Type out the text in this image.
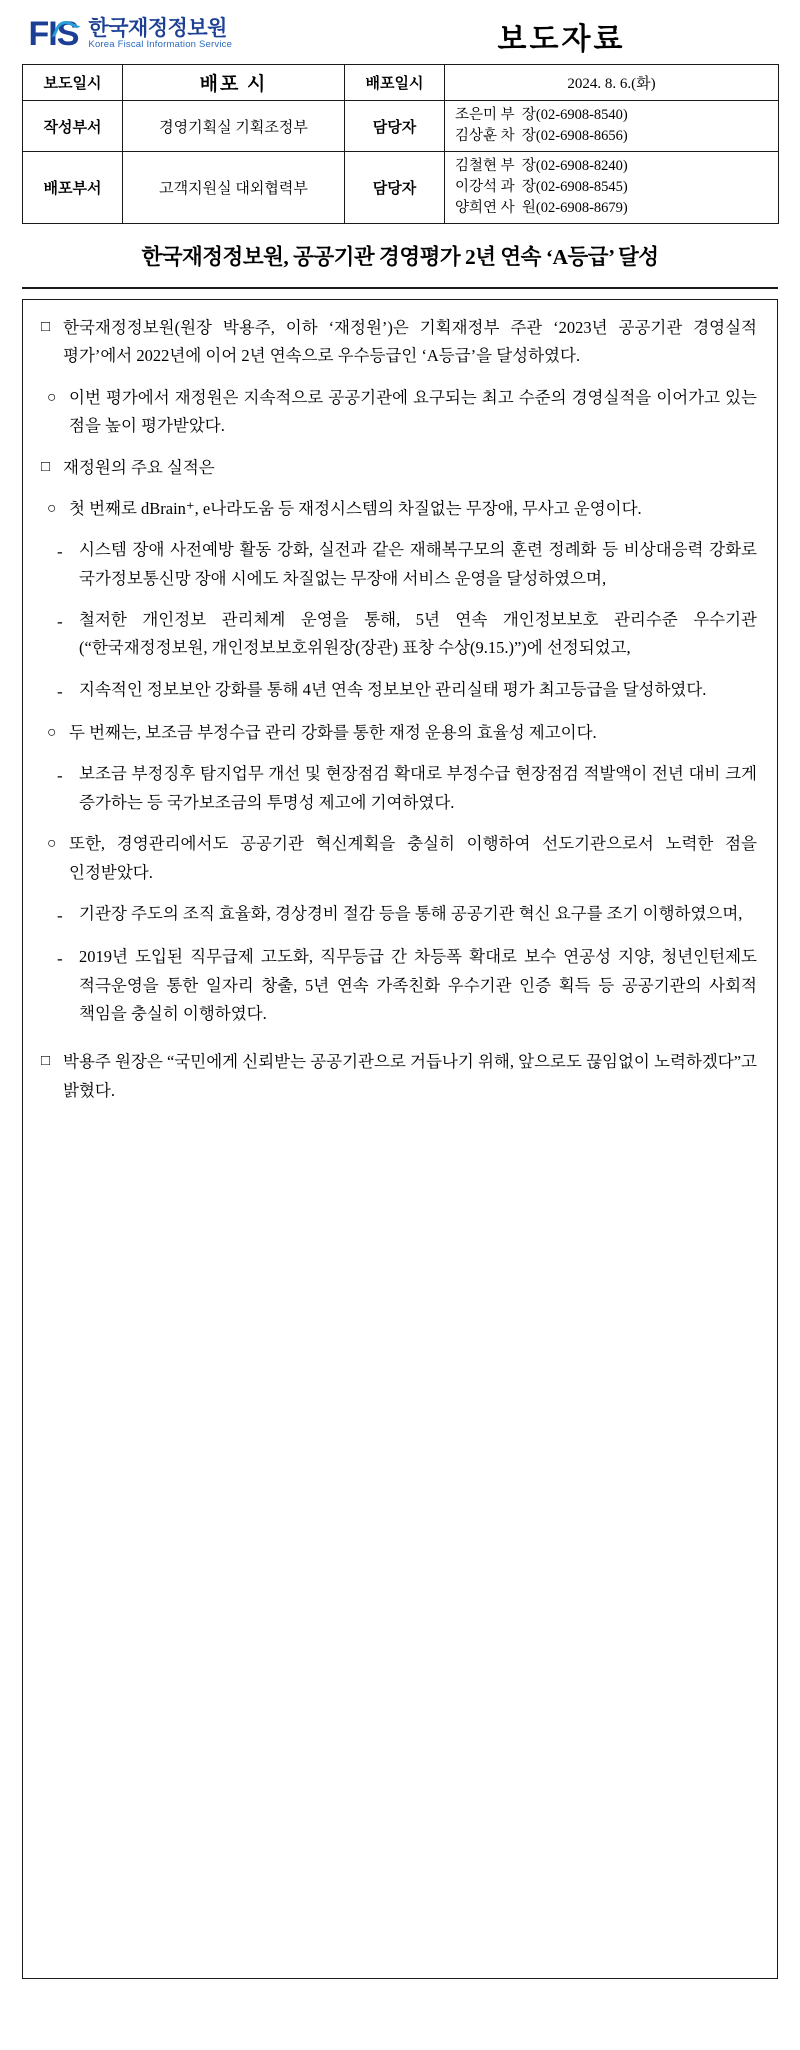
FIS 한국재정정보원
Korea Fiscal Information Service		보도자료	
보도일시	배포 시	배포일시	2024. 8. 6.(화)
작성부서	경영기획실 기획조정부	담당자	조은미 부  장(02-6908-8540)
김상훈 차  장(02-6908-8656)

배포부서	고객지원실 대외협력부	담당자	김철현 부  장(02-6908-8240)
이강석 과  장(02-6908-8545)
양희연 사  원(02-6908-8679)
한국재정정보원, 공공기관 경영평가 2년 연속 ‘A등급’ 달성
□ 한국재정정보원(원장 박용주, 이하 ‘재정원’)은 기획재정부 주관 ‘2023년 공공기관 경영실적 평가’에서 2022년에 이어 2년 연속으로 우수등급인 ‘A등급’을 달성하였다.
○ 이번 평가에서 재정원은 지속적으로 공공기관에 요구되는 최고 수준의 경영실적을 이어가고 있는 점을 높이 평가받았다.
□ 재정원의 주요 실적은
○ 첫 번째로 dBrain⁺, e나라도움 등 재정시스템의 차질없는 무장애, 무사고 운영이다.
- 시스템 장애 사전예방 활동 강화, 실전과 같은 재해복구모의 훈련 정례화 등 비상대응력 강화로 국가정보통신망 장애 시에도 차질없는 무장애 서비스 운영을 달성하였으며,
- 철저한 개인정보 관리체계 운영을 통해, 5년 연속 개인정보보호 관리수준 우수기관 (“한국재정정보원, 개인정보보호위원장(장관) 표창 수상(9.15.)”)에 선정되었고,
- 지속적인 정보보안 강화를 통해 4년 연속 정보보안 관리실태 평가 최고등급을 달성하였다.
○ 두 번째는, 보조금 부정수급 관리 강화를 통한 재정 운용의 효율성 제고이다.
- 보조금 부정징후 탐지업무 개선 및 현장점검 확대로 부정수급 현장점검 적발액이 전년 대비 크게 증가하는 등 국가보조금의 투명성 제고에 기여하였다.
○ 또한, 경영관리에서도 공공기관 혁신계획을 충실히 이행하여 선도기관으로서 노력한 점을 인정받았다.
- 기관장 주도의 조직 효율화, 경상경비 절감 등을 통해 공공기관 혁신 요구를 조기 이행하였으며,
- 2019년 도입된 직무급제 고도화, 직무등급 간 차등폭 확대로 보수 연공성 지양, 청년인턴제도 적극운영을 통한 일자리 창출, 5년 연속 가족친화 우수기관 인증 획득 등 공공기관의 사회적 책임을 충실히 이행하였다.
□ 박용주 원장은 “국민에게 신뢰받는 공공기관으로 거듭나기 위해, 앞으로도 끊임없이 노력하겠다”고 밝혔다.
